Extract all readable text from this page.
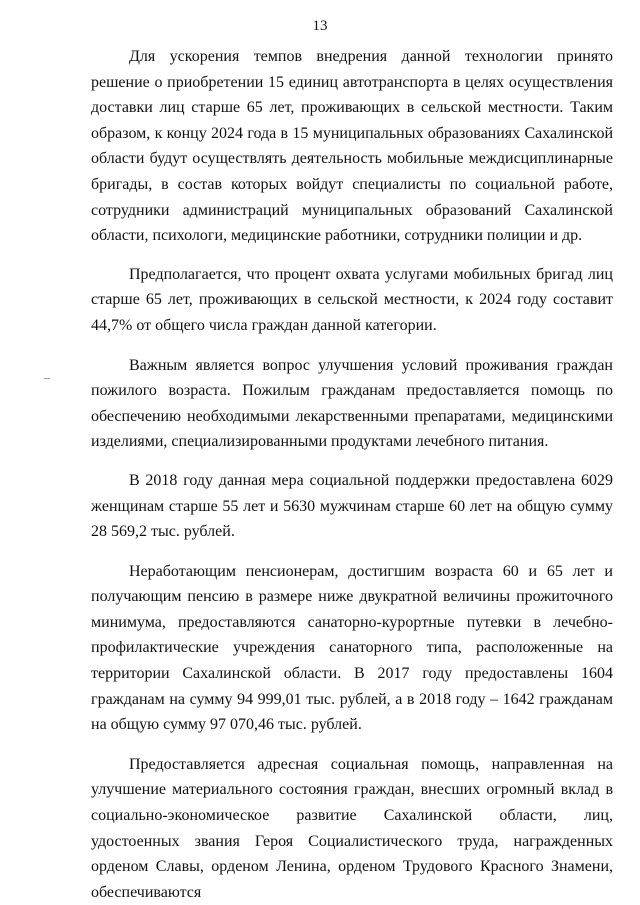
13

Для ускорения темпов внедрения данной технологии принято решение о приобретении 15 единиц автотранспорта в целях осуществления доставки лиц старше 65 лет, проживающих в сельской местности. Таким образом, к концу 2024 года в 15 муниципальных образованиях Сахалинской области будут осуществлять деятельность мобильные междисциплинарные бригады, в состав которых войдут специалисты по социальной работе, сотрудники администраций муниципальных образований Сахалинской области, психологи, медицинские работники, сотрудники полиции и др.

Предполагается, что процент охвата услугами мобильных бригад лиц старше 65 лет, проживающих в сельской местности, к 2024 году составит 44,7% от общего числа граждан данной категории.

Важным является вопрос улучшения условий проживания граждан пожилого возраста. Пожилым гражданам предоставляется помощь по обеспечению необходимыми лекарственными препаратами, медицинскими изделиями, специализированными продуктами лечебного питания.

В 2018 году данная мера социальной поддержки предоставлена 6029 женщинам старше 55 лет и 5630 мужчинам старше 60 лет на общую сумму 28 569,2 тыс. рублей.

Неработающим пенсионерам, достигшим возраста 60 и 65 лет и получающим пенсию в размере ниже двукратной величины прожиточного минимума, предоставляются санаторно-курортные путевки в лечебно-профилактические учреждения санаторного типа, расположенные на территории Сахалинской области. В 2017 году предоставлены 1604 гражданам на сумму 94 999,01 тыс. рублей, а в 2018 году – 1642 гражданам на общую сумму 97 070,46 тыс. рублей.

Предоставляется адресная социальная помощь, направленная на улучшение материального состояния граждан, внесших огромный вклад в социально-экономическое развитие Сахалинской области, лиц, удостоенных звания Героя Социалистического труда, награжденных орденом Славы, орденом Ленина, орденом Трудового Красного Знамени, обеспечиваются
